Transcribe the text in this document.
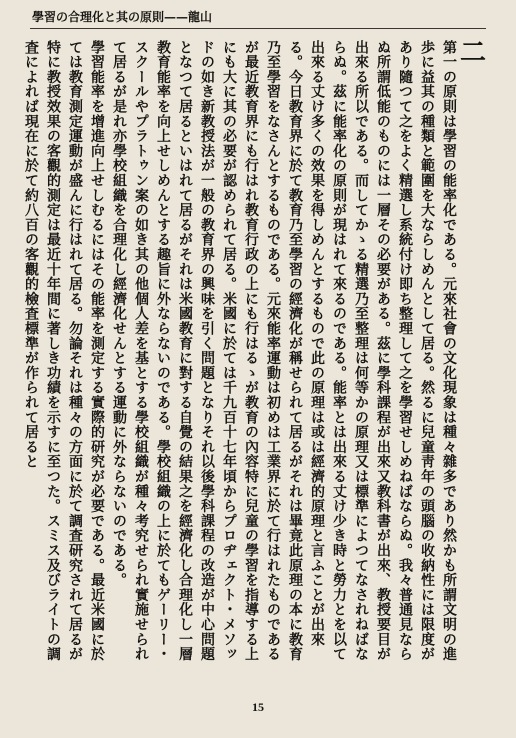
學習の合理化と其の原則——龍山
二

第一の原則は學習の能率化である。元來社會の文化現象は種々雜多であり然かも所謂文明の進歩に益其の種類と範圍を大ならしめんとして居る。然るに兒童靑年の頭腦の收納性には限度があり隨つて之をよく精選し系統付け即ち整理して之を學習せしめねばならぬ。我々普通見ならぬ所謂低能のものには一層その必要がある。茲に學科課程が出來又教科書が出來、教授要目が出來る所以である。而してかゝる精選乃至整理は何等かの原理又は標準によつてなされねばならぬ。茲に能率化の原則が現はれて來るのである。能率とは出來る丈け少き時と勞力とを以て出來る丈け多くの效果を得しめんとするもので此の原理は或は經濟的原理と言ふことが出來る。今日教育界に於て教育乃至學習の經濟化が稱せられて居るがそれは畢竟此原理の本に教育乃至學習をなさんとするものである。元來能率運動は初めは工業界に於て行はれたものであるが最近教育界にも行はれ教育行政の上にも行はるゝが教育の內容特に兒童の學習を指導する上にも大に其の必要が認められて居る。米國に於ては千九百十七年頃からプロヂェクト・メソッドの如き新教授法が一般の教育界の興味を引く問題となりそれ以後學科課程の改造が中心問題となつて居るといはれて居るがそれは米國教育に對する自覺の結果之を經濟化し合理化し一層教育能率を向上せしめんとする趣旨に外ならないのである。學校組織の上に於てもゲーリー・スクールやプラトゥン案の如き其の他個人差を基とする學校組織が種々考究せられ實施せられて居るが是れ亦學校組織を合理化し經濟化せんとする運動に外ならないのである。

學習能率を增進向上せしむるにはその能率を測定する實際的研究が必要である。最近米國に於ては教育測定運動が盛んに行はれて居る。勿論それは種々の方面に於て調査研究されて居るが特に教授效果の客觀的測定は最近十年間に著しき功績を示すに至つた。スミス及びライトの調査によれば現在に於て約八百の客觀的檢査標準が作られて居ると

15
